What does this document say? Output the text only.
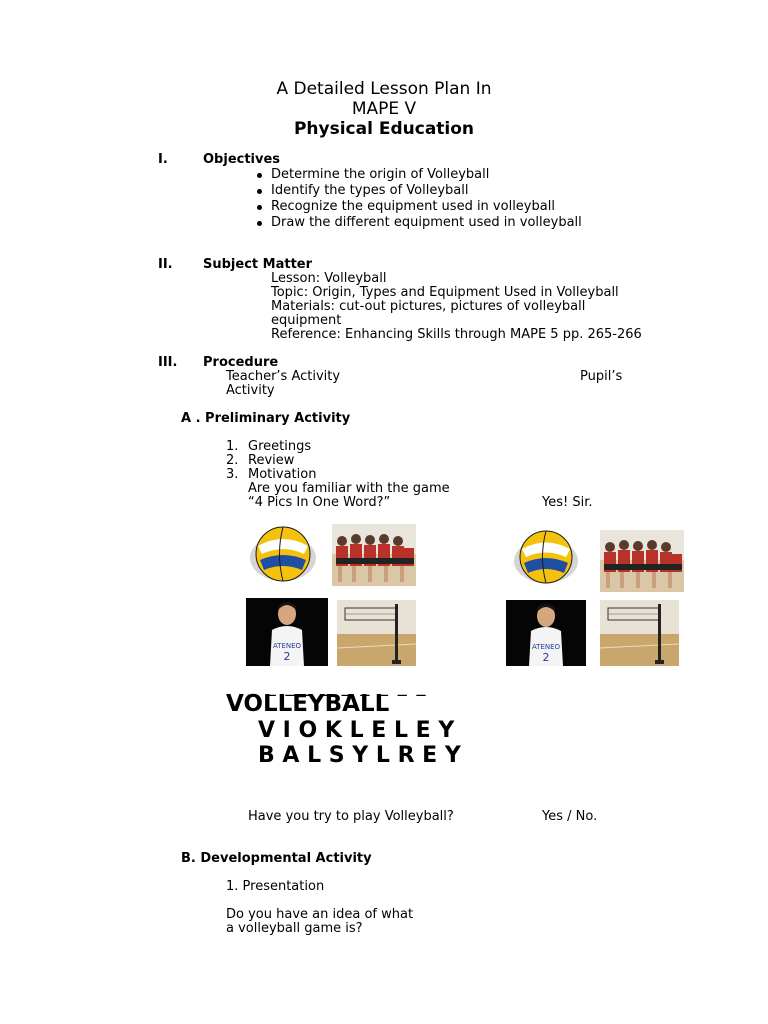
A Detailed Lesson Plan In
MAPE V
Physical Education
I.	Objectives
Determine the origin of Volleyball
Identify the types of Volleyball
Recognize the equipment used in volleyball
Draw the different equipment used in volleyball
II. Subject Matter
Lesson: Volleyball
Topic: Origin, Types and Equipment Used in Volleyball
Materials: cut-out pictures, pictures of volleyball
equipment
Reference: Enhancing Skills through MAPE 5 pp. 265-266
III. Procedure
Teacher’s Activity	Pupil’s
Activity
A . Preliminary Activity
1. Greetings
2. Review
3. Motivation
Are you familiar with the game
“4 Pics In One Word?”	Yes! Sir.
ATENEO
2
ATENEO
2
_ _ _ _ _ _ _ _ _ _
VOLLEYBALL
V I O K L E L E Y
B A L S Y L R E Y
Have you try to play Volleyball?	Yes / No.
B. Developmental Activity
1. Presentation
Do you have an idea of what
a volleyball game is?
